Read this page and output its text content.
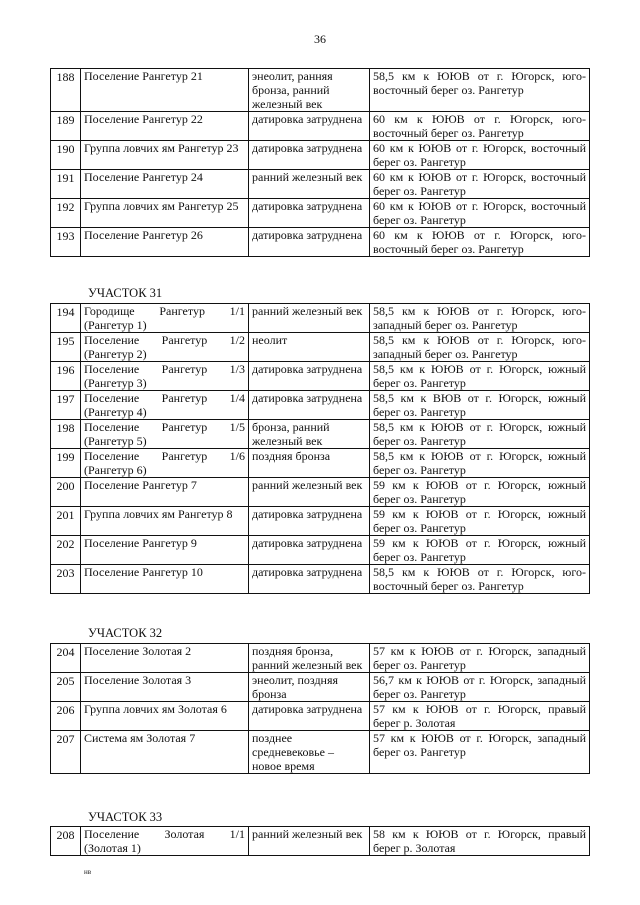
36
188	Поселение Рангетур 21	энеолит, ранняя бронза, ранний железный век	58,5 км к ЮЮВ от г. Югорск, юго-восточный берег оз. Рангетур
189	Поселение Рангетур 22	датировка затруднена	60 км к ЮЮВ от г. Югорск, юго-восточный берег оз. Рангетур
190	Группа ловчих ям Рангетур 23	датировка затруднена	60 км к ЮЮВ от г. Югорск, восточный берег оз. Рангетур
191	Поселение Рангетур 24	ранний железный век	60 км к ЮЮВ от г. Югорск, восточный берег оз. Рангетур
192	Группа ловчих ям Рангетур 25	датировка затруднена	60 км к ЮЮВ от г. Югорск, восточный берег оз. Рангетур
193	Поселение Рангетур 26	датировка затруднена	60 км к ЮЮВ от г. Югорск, юго-восточный берег оз. Рангетур
УЧАСТОК 31
194	Городище Рангетур 1/1 (Рангетур 1)	ранний железный век	58,5 км к ЮЮВ от г. Югорск, юго-западный берег оз. Рангетур
195	Поселение Рангетур 1/2 (Рангетур 2)	неолит	58,5 км к ЮЮВ от г. Югорск, юго-западный берег оз. Рангетур
196	Поселение Рангетур 1/3 (Рангетур 3)	датировка затруднена	58,5 км к ЮЮВ от г. Югорск, южный берег оз. Рангетур
197	Поселение Рангетур 1/4 (Рангетур 4)	датировка затруднена	58,5 км к ВЮВ от г. Югорск, южный берег оз. Рангетур
198	Поселение Рангетур 1/5 (Рангетур 5)	бронза, ранний железный век	58,5 км к ЮЮВ от г. Югорск, южный берег оз. Рангетур
199	Поселение Рангетур 1/6 (Рангетур 6)	поздняя бронза	58,5 км к ЮЮВ от г. Югорск, южный берег оз. Рангетур
200	Поселение Рангетур 7	ранний железный век	59 км к ЮЮВ от г. Югорск, южный берег оз. Рангетур
201	Группа ловчих ям Рангетур 8	датировка затруднена	59 км к ЮЮВ от г. Югорск, южный берег оз. Рангетур
202	Поселение Рангетур 9	датировка затруднена	59 км к ЮЮВ от г. Югорск, южный берег оз. Рангетур
203	Поселение Рангетур 10	датировка затруднена	58,5 км к ЮЮВ от г. Югорск, юго-восточный берег оз. Рангетур
УЧАСТОК 32
204	Поселение Золотая 2	поздняя бронза, ранний железный век	57 км к ЮЮВ от г. Югорск, западный берег оз. Рангетур
205	Поселение Золотая 3	энеолит, поздняя бронза	56,7 км к ЮЮВ от г. Югорск, западный берег оз. Рангетур
206	Группа ловчих ям Золотая 6	датировка затруднена	57 км к ЮЮВ от г. Югорск, правый берег р. Золотая
207	Система ям Золотая 7	позднее средневековье – новое время	57 км к ЮЮВ от г. Югорск, западный берег оз. Рангетур
УЧАСТОК 33
208	Поселение Золотая 1/1 (Золотая 1)	ранний железный век	58 км к ЮЮВ от г. Югорск, правый берег р. Золотая
нв
